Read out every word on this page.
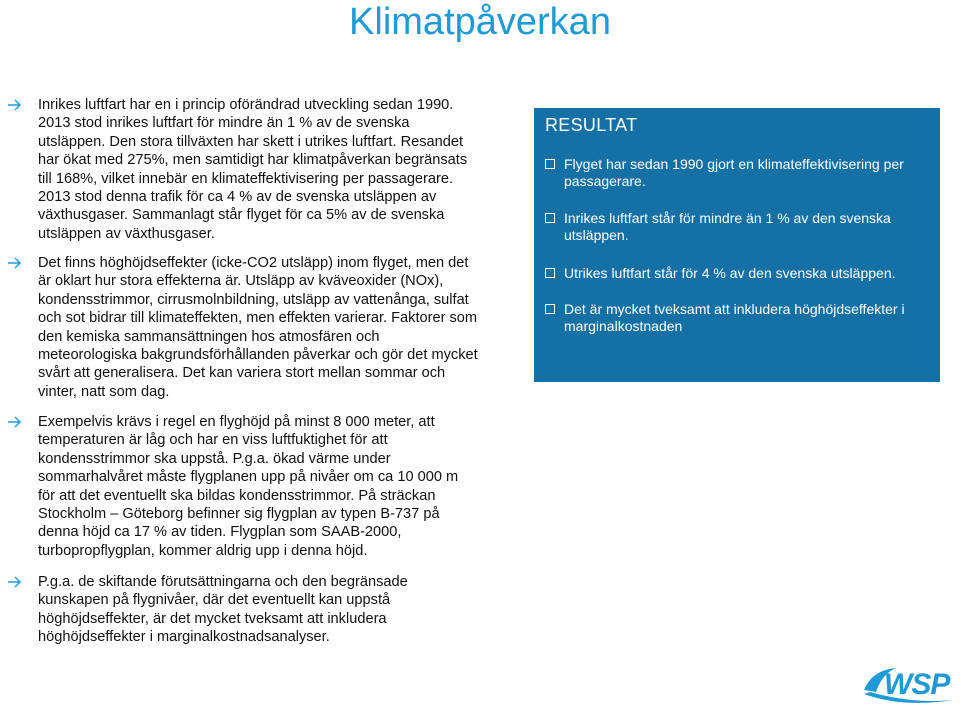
Klimatpåverkan
Inrikes luftfart har en i princip oförändrad utveckling sedan 1990. 2013 stod inrikes luftfart för mindre än 1 % av de svenska utsläppen. Den stora tillväxten har skett i utrikes luftfart. Resandet har ökat med 275%, men samtidigt har klimatpåverkan begränsats till 168%, vilket innebär en klimateffektivisering per passagerare. 2013 stod denna trafik för ca 4 % av de svenska utsläppen av växthusgaser. Sammanlagt står flyget för ca 5% av de svenska utsläppen av växthusgaser.
Det finns höghöjdseffekter (icke-CO2 utsläpp) inom flyget, men det är oklart hur stora effekterna är. Utsläpp av kväveoxider (NOx), kondensstrimmor, cirrusmolnbildning, utsläpp av vattenånga, sulfat och sot bidrar till klimateffekten, men effekten varierar. Faktorer som den kemiska sammansättningen hos atmosfären och meteorologiska bakgrundsförhållanden påverkar och gör det mycket svårt att generalisera. Det kan variera stort mellan sommar och vinter, natt som dag.
Exempelvis krävs i regel en flyghöjd på minst 8 000 meter, att temperaturen är låg och har en viss luftfuktighet för att kondensstrimmor ska uppstå. P.g.a. ökad värme under sommarhalvåret måste flygplanen upp på nivåer om ca 10 000 m för att det eventuellt ska bildas kondensstrimmor. På sträckan Stockholm – Göteborg befinner sig flygplan av typen B-737 på denna höjd ca 17 % av tiden. Flygplan som SAAB-2000, turbopropflygplan, kommer aldrig upp i denna höjd.
P.g.a. de skiftande förutsättningarna och den begränsade kunskapen på flygnivåer, där det eventuellt kan uppstå höghöjdseffekter, är det mycket tveksamt att inkludera höghöjdseffekter i marginalkostnadsanalyser.
RESULTAT
Flyget har sedan 1990 gjort en klimateffektivisering per passagerare.
Inrikes luftfart står för mindre än 1 % av den svenska utsläppen.
Utrikes luftfart står för 4 % av den svenska utsläppen.
Det är mycket tveksamt att inkludera höghöjdseffekter i marginalkostnaden
WSP
